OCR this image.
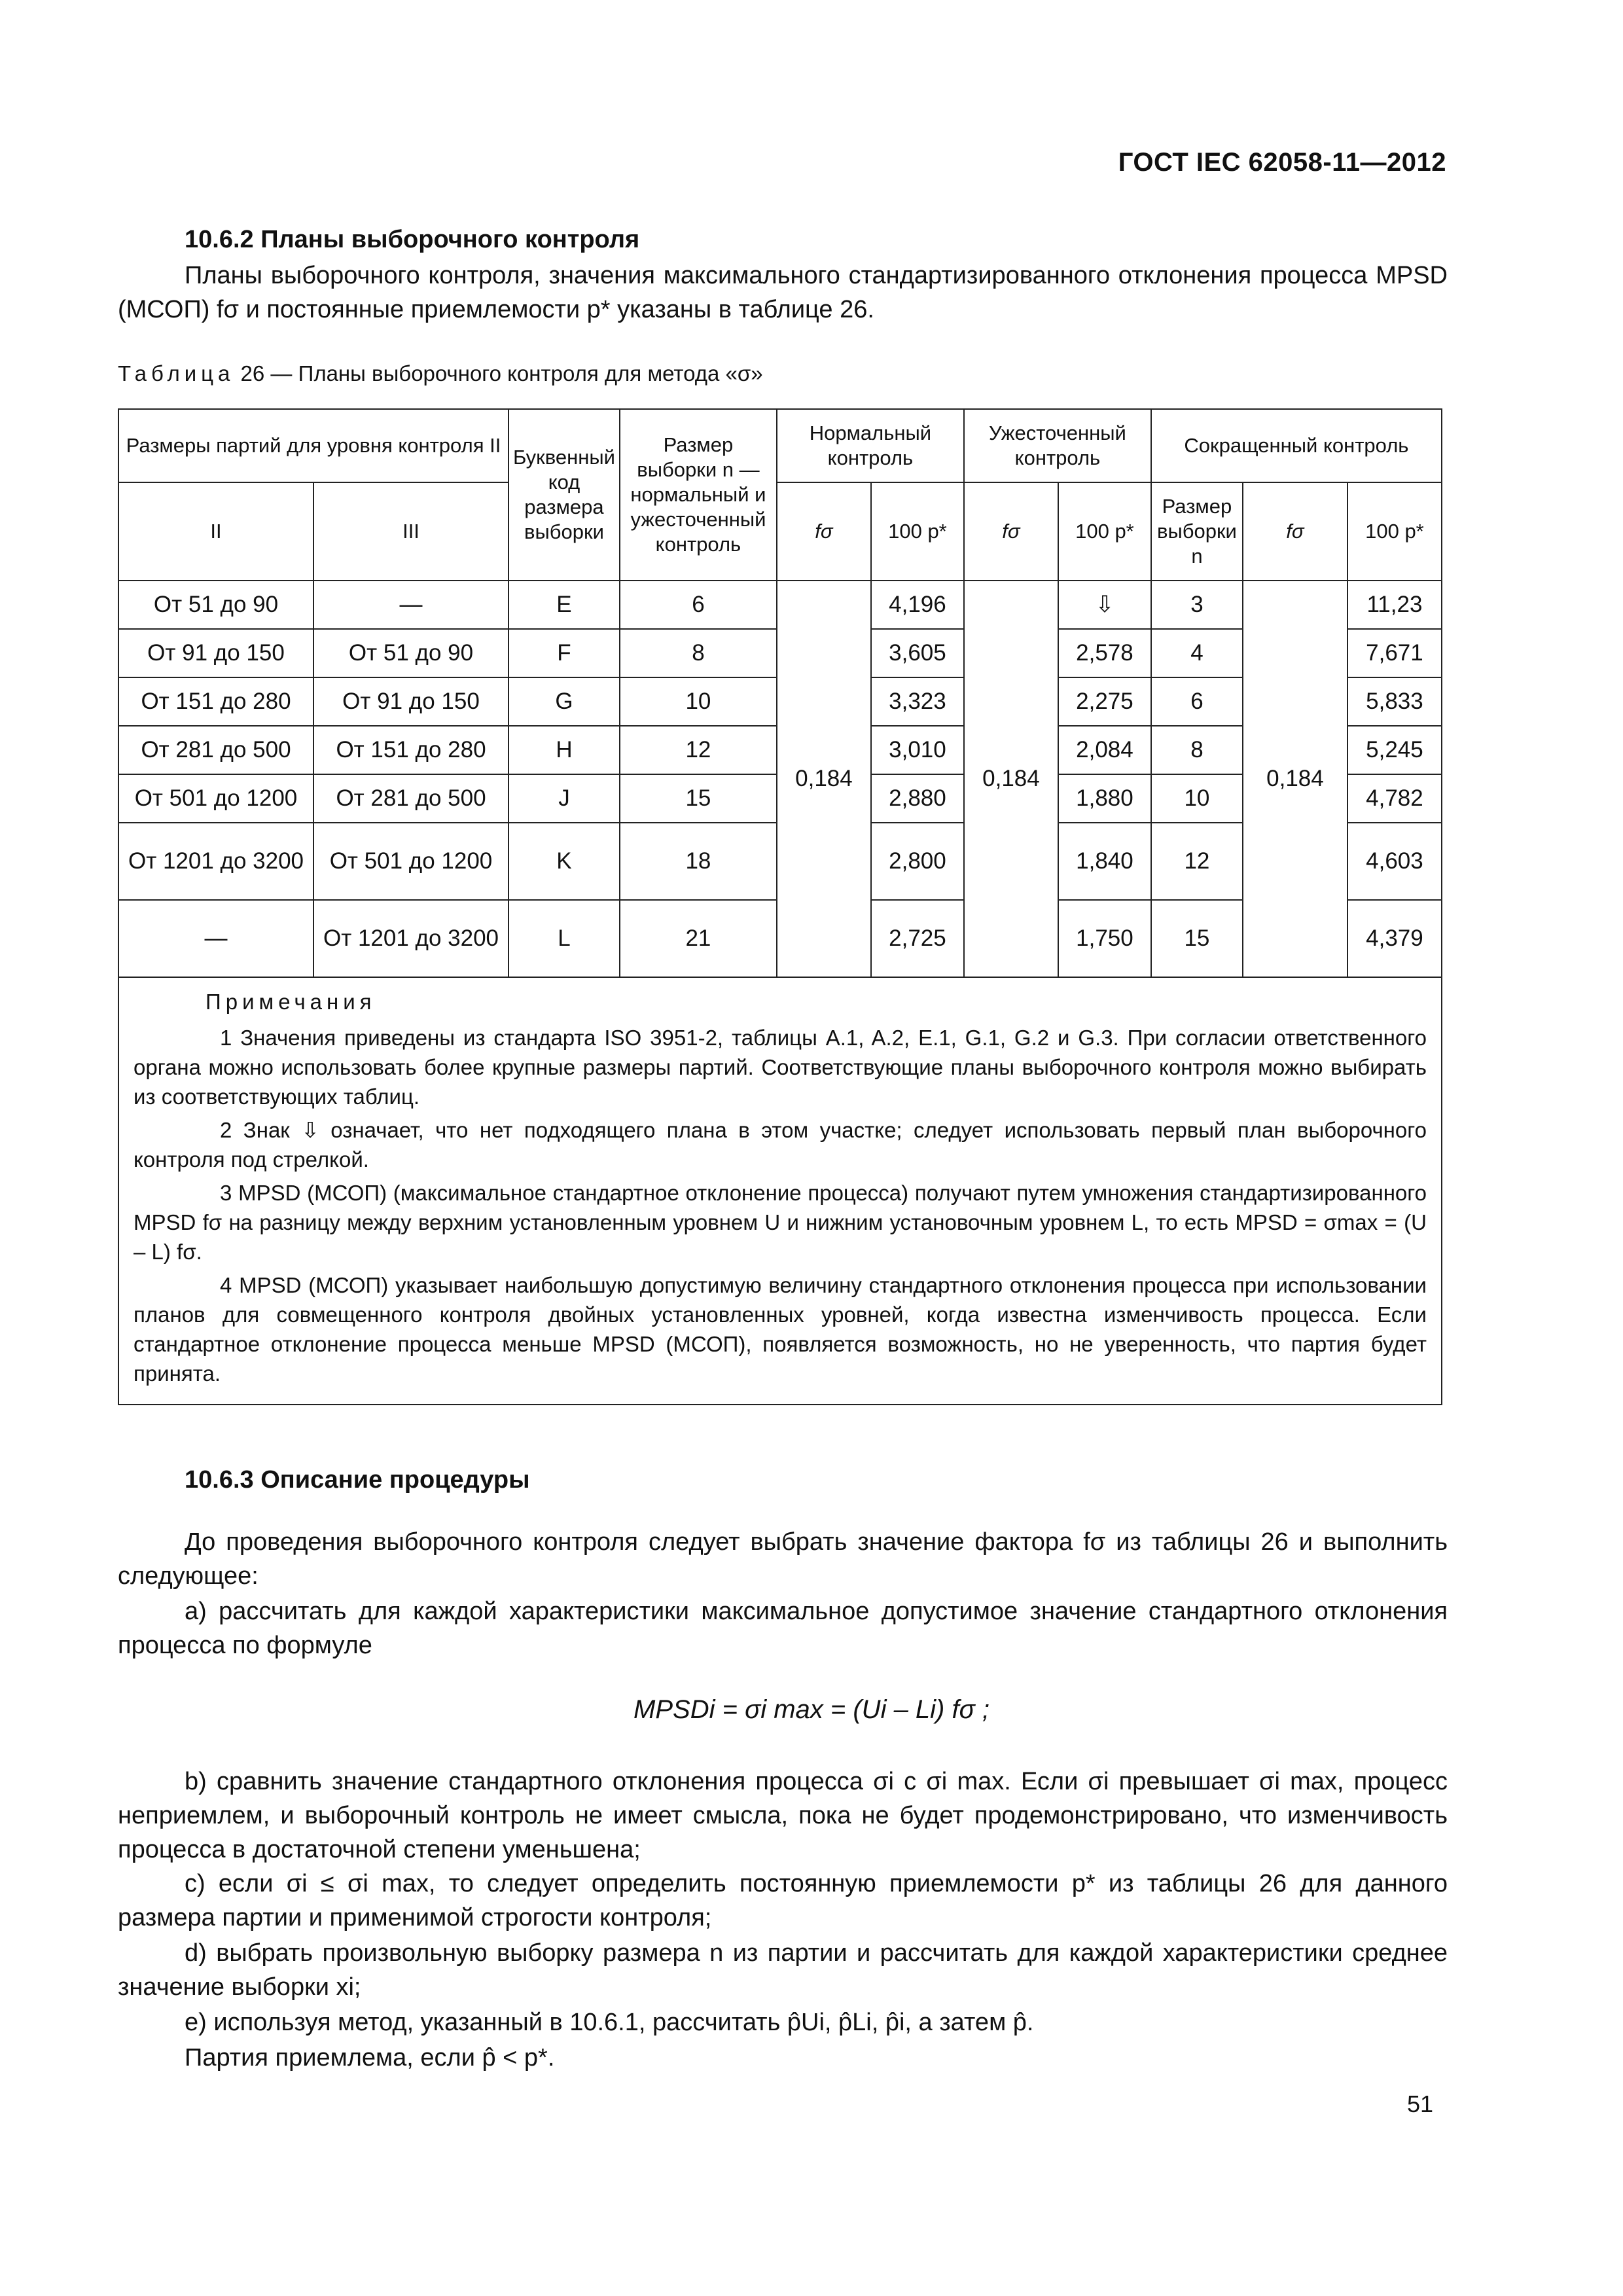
ГОСТ IEC 62058-11—2012
10.6.2 Планы выборочного контроля
Планы выборочного контроля, значения максимального стандартизированного отклонения процесса MPSD (МСОП) fσ и постоянные приемлемости p* указаны в таблице 26.
Таблица 26 — Планы выборочного контроля для метода «σ»
Размеры партий для уровня контроля II		Буквенный код размера выборки	Размер выборки n — нормальный и ужесточенный контроль	Нормальный контроль		Ужесточенный контроль		Сокращенный контроль		
II	III			fσ	100 p*	fσ	100 p*	Размер выборки n	fσ	100 p*
От 51 до 90	—	E	6	0,184	4,196	0,184	⇩	3	0,184	11,23
От 91 до 150	От 51 до 90	F	8		3,605		2,578	4		7,671
От 151 до 280	От 91 до 150	G	10		3,323		2,275	6		5,833
От 281 до 500	От 151 до 280	H	12		3,010		2,084	8		5,245
От 501 до 1200	От 281 до 500	J	15		2,880		1,880	10		4,782
От 1201 до 3200	От 501 до 1200	K	18		2,800		1,840	12		4,603
—	От 1201 до 3200	L	21		2,725		1,750	15		4,379

Примечания

1 Значения приведены из стандарта ISO 3951-2, таблицы A.1, A.2, E.1, G.1, G.2 и G.3. При согласии ответственного органа можно использовать более крупные размеры партий. Соответствующие планы выборочного контроля можно выбирать из соответствующих таблиц.

2 Знак ⇩ означает, что нет подходящего плана в этом участке; следует использовать первый план выборочного контроля под стрелкой.

3 MPSD (МСОП) (максимальное стандартное отклонение процесса) получают путем умножения стандартизированного MPSD fσ на разницу между верхним установленным уровнем U и нижним установочным уровнем L, то есть MPSD = σmax = (U – L) fσ.

4 MPSD (МСОП) указывает наибольшую допустимую величину стандартного отклонения процесса при использовании планов для совмещенного контроля двойных установленных уровней, когда известна изменчивость процесса. Если стандартное отклонение процесса меньше MPSD (МСОП), появляется возможность, но не уверенность, что партия будет принята.										

10.6.3 Описание процедуры
До проведения выборочного контроля следует выбрать значение фактора fσ из таблицы 26 и выполнить следующее:
a) рассчитать для каждой характеристики максимальное допустимое значение стандартного отклонения процесса по формуле
MPSDi = σi max = (Ui – Li) fσ ;
b) сравнить значение стандартного отклонения процесса σi с σi max. Если σi превышает σi max, процесс неприемлем, и выборочный контроль не имеет смысла, пока не будет продемонстрировано, что изменчивость процесса в достаточной степени уменьшена;
c) если σi ≤ σi max, то следует определить постоянную приемлемости p* из таблицы 26 для данного размера партии и применимой строгости контроля;
d) выбрать произвольную выборку размера n из партии и рассчитать для каждой характеристики среднее значение выборки xi;
e) используя метод, указанный в 10.6.1, рассчитать p̂Ui, p̂Li, p̂i, а затем p̂.
Партия приемлема, если p̂ < p*.
51
